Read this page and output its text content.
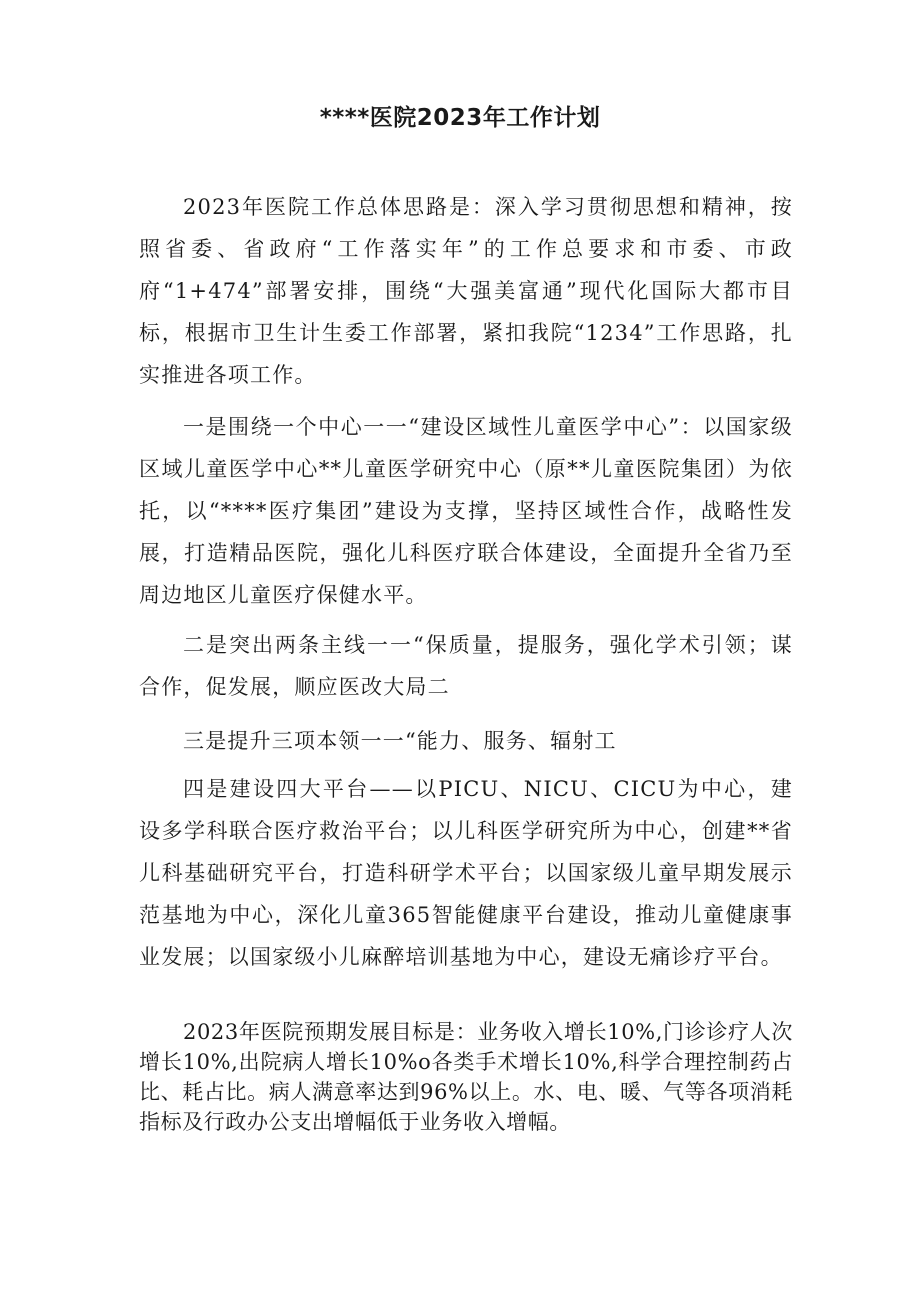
****医院2023年工作计划

2023年医院工作总体思路是：深入学习贯彻思想和精神，按照省委、省政府“工作落实年”的工作总要求和市委、市政府“1+474”部署安排，围绕“大强美富通”现代化国际大都市目标，根据市卫生计生委工作部署，紧扣我院“1234”工作思路，扎实推进各项工作。

一是围绕一个中心一一“建设区域性儿童医学中心”：以国家级区域儿童医学中心**儿童医学研究中心（原**儿童医院集团）为依托，以“****医疗集团”建设为支撑，坚持区域性合作，战略性发展，打造精品医院，强化儿科医疗联合体建设，全面提升全省乃至周边地区儿童医疗保健水平。

二是突出两条主线一一“保质量，提服务，强化学术引领；谋合作，促发展，顺应医改大局二

三是提升三项本领一一“能力、服务、辐射工

四是建设四大平台——以PICU、NICU、CICU为中心，建设多学科联合医疗救治平台；以儿科医学研究所为中心，创建**省儿科基础研究平台，打造科研学术平台；以国家级儿童早期发展示范基地为中心，深化儿童365智能健康平台建设，推动儿童健康事业发展；以国家级小儿麻醉培训基地为中心，建设无痛诊疗平台。

2023年医院预期发展目标是：业务收入增长10%,门诊诊疗人次增长10%,出院病人增长10%o各类手术增长10%,科学合理控制药占比、耗占比。病人满意率达到96%以上。水、电、暖、气等各项消耗指标及行政办公支出增幅低于业务收入增幅。
